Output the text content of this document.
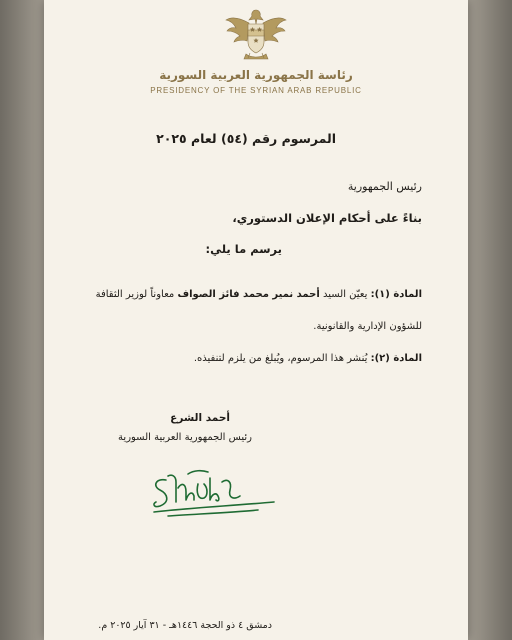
رئاسة الجمهورية العربية السورية
PRESIDENCY OF THE SYRIAN ARAB REPUBLIC
المرسوم رقم (٥٤) لعام ٢٠٢٥
رئيس الجمهورية
بناءً على أحكام الإعلان الدستوري،
يرسم ما يلي:
المادة (١): يعيّن السيد أحمد نمير محمد فائز الصواف معاوناً لوزير الثقافة
للشؤون الإدارية والقانونية.
المادة (٢): يُنشر هذا المرسوم، ويُبلغ من يلزم لتنفيذه.
أحمد الشرع
رئيس الجمهورية العربية السورية
دمشق ٤ ذو الحجة ١٤٤٦هـ - ٣١ آيار ٢٠٢٥ م.
